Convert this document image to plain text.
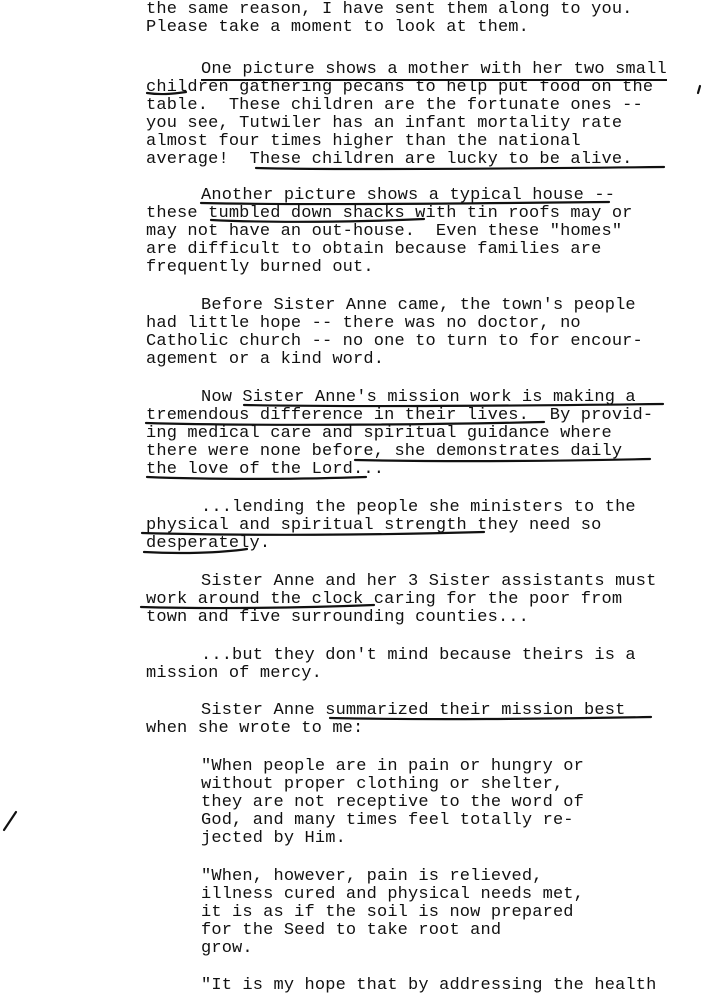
the same reason, I have sent them along to you.
Please take a moment to look at them.
One picture shows a mother with her two small
children gathering pecans to help put food on the
table.  These children are the fortunate ones --
you see, Tutwiler has an infant mortality rate
almost four times higher than the national
average!  These children are lucky to be alive.
Another picture shows a typical house --
these tumbled down shacks with tin roofs may or
may not have an out-house.  Even these "homes"
are difficult to obtain because families are
frequently burned out.
Before Sister Anne came, the town's people
had little hope -- there was no doctor, no
Catholic church -- no one to turn to for encour-
agement or a kind word.
Now Sister Anne's mission work is making a
tremendous difference in their lives.  By provid-
ing medical care and spiritual guidance where
there were none before, she demonstrates daily
the love of the Lord...
...lending the people she ministers to the
physical and spiritual strength they need so
desperately.
Sister Anne and her 3 Sister assistants must
work around the clock caring for the poor from
town and five surrounding counties...
...but they don't mind because theirs is a
mission of mercy.
Sister Anne summarized their mission best
when she wrote to me:
"When people are in pain or hungry or
without proper clothing or shelter,
they are not receptive to the word of
God, and many times feel totally re-
jected by Him.
"When, however, pain is relieved,
illness cured and physical needs met,
it is as if the soil is now prepared
for the Seed to take root and
grow.
"It is my hope that by addressing the health
